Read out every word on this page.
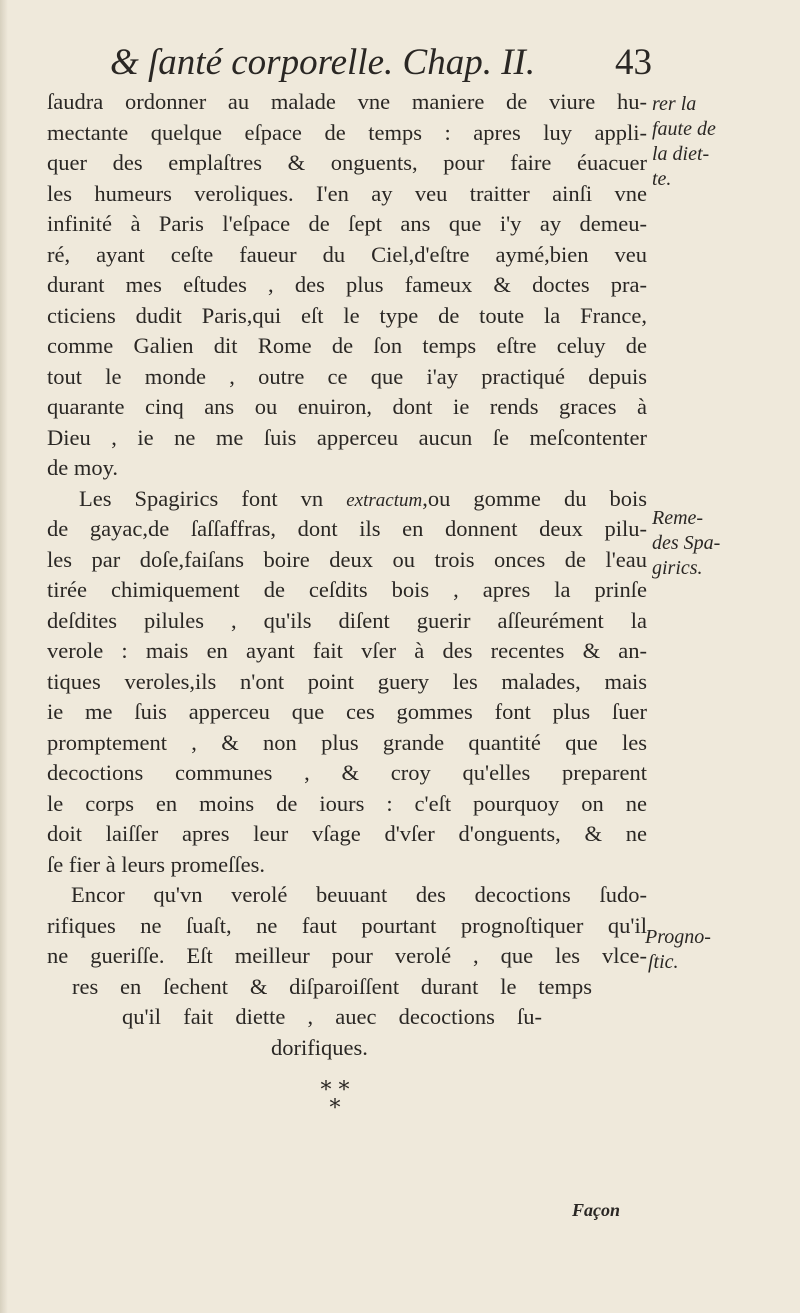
& ſanté corporelle. Chap. II. 43
ſaudra ordonner au malade vne maniere de viure hu-
mectante quelque eſpace de temps : apres luy appli-
quer des emplaſtres & onguents, pour faire éuacuer
les humeurs veroliques. I'en ay veu traitter ainſi vne
infinité à Paris l'eſpace de ſept ans que i'y ay demeu-
ré, ayant ceſte faueur du Ciel,d'eſtre aymé,bien veu
durant mes eſtudes , des plus fameux & doctes pra-
cticiens dudit Paris,qui eſt le type de toute la France,
comme Galien dit Rome de ſon temps eſtre celuy de
tout le monde , outre ce que i'ay practiqué depuis
quarante cinq ans ou enuiron, dont ie rends graces à
Dieu , ie ne me ſuis apperceu aucun ſe meſcontenter
de moy.
Les Spagirics font vn extractum,ou gomme du bois
de gayac,de ſaſſaffras, dont ils en donnent deux pilu-
les par doſe,faiſans boire deux ou trois onces de l'eau
tirée chimiquement de ceſdits bois , apres la prinſe
deſdites pilules , qu'ils diſent guerir aſſeurément la
verole : mais en ayant fait vſer à des recentes & an-
tiques veroles,ils n'ont point guery les malades, mais
ie me ſuis apperceu que ces gommes font plus ſuer
promptement , & non plus grande quantité que les
decoctions communes , & croy qu'elles preparent
le corps en moins de iours : c'eſt pourquoy on ne
doit laiſſer apres leur vſage d'vſer d'onguents, & ne
ſe fier à leurs promeſſes.
Encor qu'vn verolé beuuant des decoctions ſudo-
rifiques ne ſuaſt, ne faut pourtant prognoſtiquer qu'il
ne gueriſſe. Eſt meilleur pour verolé , que les vlce-
res en ſechent & diſparoiſſent durant le temps
qu'il fait diette , auec decoctions ſu-
dorifiques.
rer la
faute de
la diet-
te.
Reme-
des Spa-
girics.
Progno-
ſtic.
* *
*
Façon
